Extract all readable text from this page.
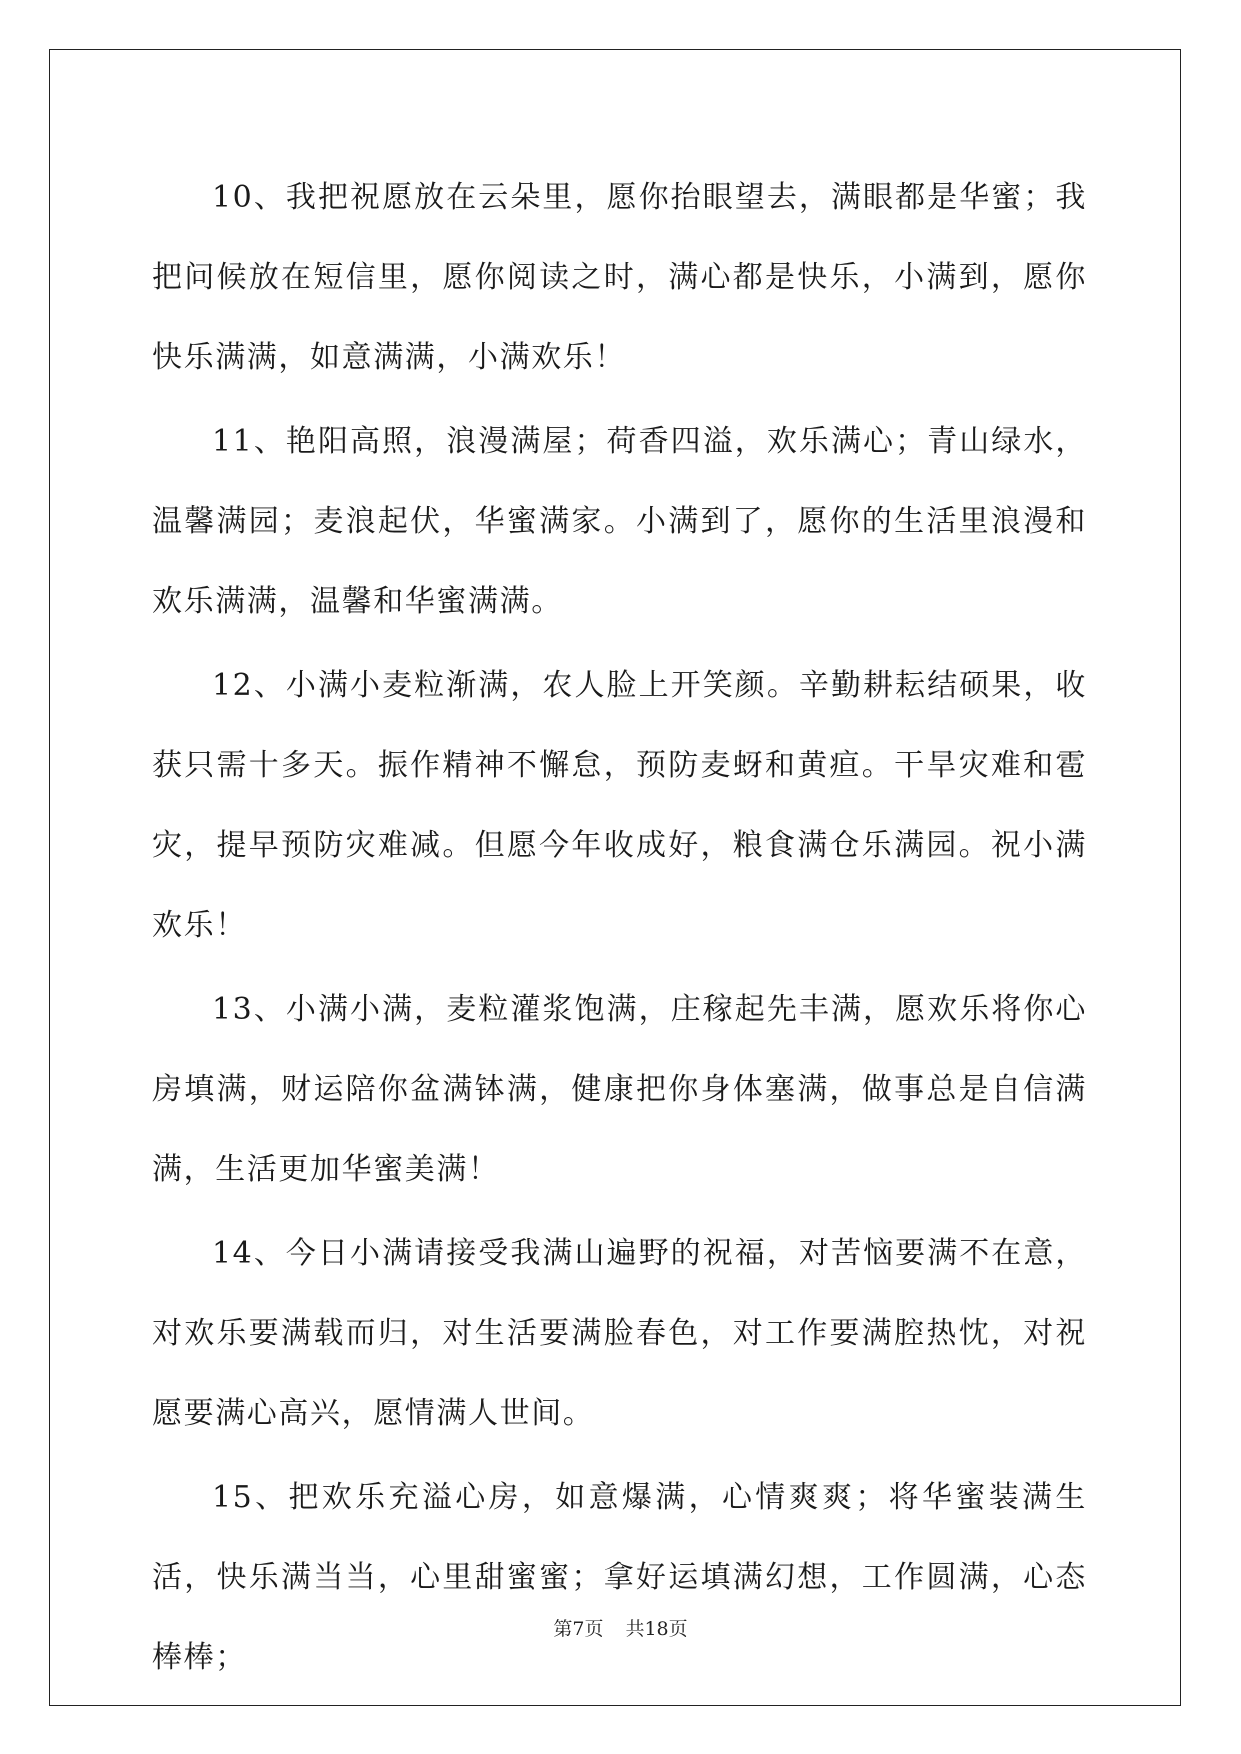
10、我把祝愿放在云朵里，愿你抬眼望去，满眼都是华蜜；我把问候放在短信里，愿你阅读之时，满心都是快乐，小满到，愿你快乐满满，如意满满，小满欢乐！

11、艳阳高照，浪漫满屋；荷香四溢，欢乐满心；青山绿水，温馨满园；麦浪起伏，华蜜满家。小满到了，愿你的生活里浪漫和欢乐满满，温馨和华蜜满满。

12、小满小麦粒渐满，农人脸上开笑颜。辛勤耕耘结硕果，收获只需十多天。振作精神不懈怠，预防麦蚜和黄疸。干旱灾难和雹灾，提早预防灾难减。但愿今年收成好，粮食满仓乐满园。祝小满欢乐！

13、小满小满，麦粒灌浆饱满，庄稼起先丰满，愿欢乐将你心房填满，财运陪你盆满钵满，健康把你身体塞满，做事总是自信满满，生活更加华蜜美满！

14、今日小满请接受我满山遍野的祝福，对苦恼要满不在意，对欢乐要满载而归，对生活要满脸春色，对工作要满腔热忱，对祝愿要满心高兴，愿情满人世间。

15、把欢乐充溢心房，如意爆满，心情爽爽；将华蜜装满生活，快乐满当当，心里甜蜜蜜；拿好运填满幻想，工作圆满，心态棒棒；

第7页 共18页
